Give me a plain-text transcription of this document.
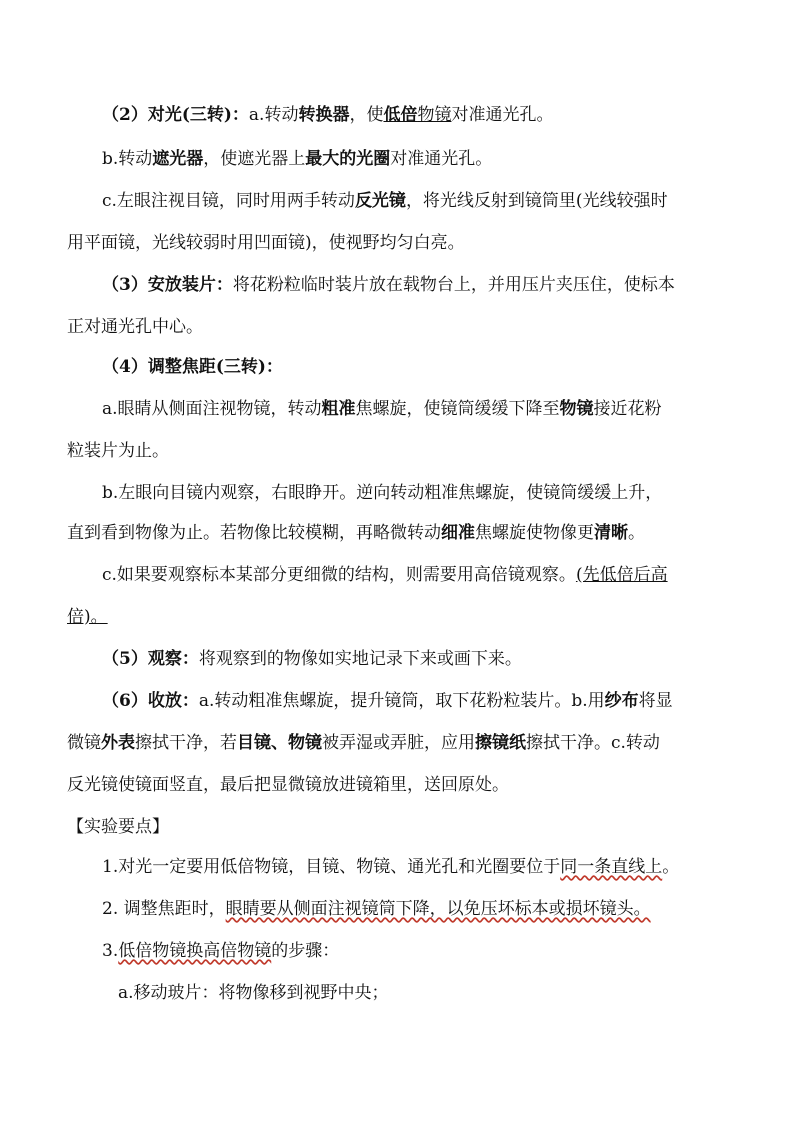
（2）对光(三转)：a.转动转换器，使低倍物镜对准通光孔。
b.转动遮光器，使遮光器上最大的光圈对准通光孔。
c.左眼注视目镜，同时用两手转动反光镜，将光线反射到镜筒里(光线较强时
用平面镜，光线较弱时用凹面镜)，使视野均匀白亮。
（3）安放装片：将花粉粒临时装片放在载物台上，并用压片夹压住，使标本
正对通光孔中心。
（4）调整焦距(三转)：
a.眼睛从侧面注视物镜，转动粗准焦螺旋，使镜筒缓缓下降至物镜接近花粉
粒装片为止。
b.左眼向目镜内观察，右眼睁开。逆向转动粗准焦螺旋，使镜筒缓缓上升，
直到看到物像为止。若物像比较模糊，再略微转动细准焦螺旋使物像更清晰。
c.如果要观察标本某部分更细微的结构，则需要用高倍镜观察。(先低倍后高
倍)。
（5）观察：将观察到的物像如实地记录下来或画下来。
（6）收放：a.转动粗准焦螺旋，提升镜筒，取下花粉粒装片。b.用纱布将显
微镜外表擦拭干净，若目镜、物镜被弄湿或弄脏，应用擦镜纸擦拭干净。c.转动
反光镜使镜面竖直，最后把显微镜放进镜箱里，送回原处。
【实验要点】
1.对光一定要用低倍物镜，目镜、物镜、通光孔和光圈要位于同一条直线上。
2. 调整焦距时，眼睛要从侧面注视镜筒下降，以免压坏标本或损坏镜头。
3.低倍物镜换高倍物镜的步骤：
a.移动玻片：将物像移到视野中央；
